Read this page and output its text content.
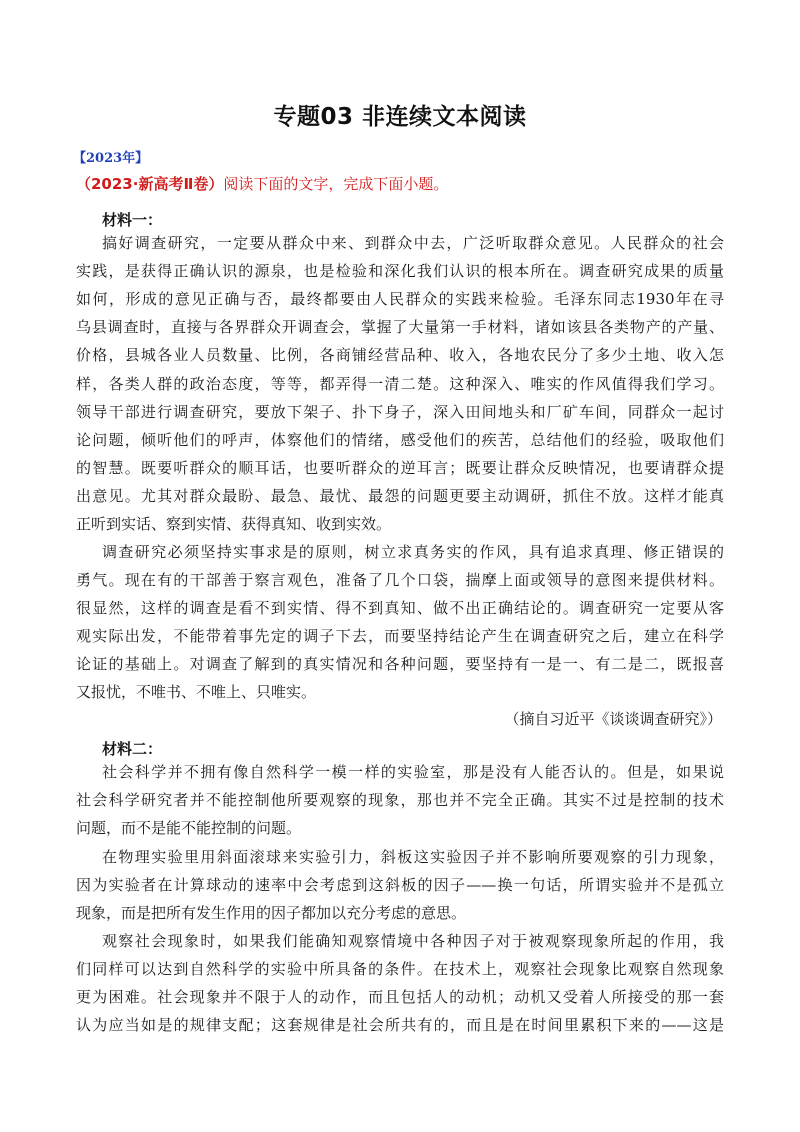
专题03 非连续文本阅读
【2023年】
（2023·新高考Ⅱ卷）阅读下面的文字，完成下面小题。
材料一：
搞好调查研究，一定要从群众中来、到群众中去，广泛听取群众意见。人民群众的社会
实践，是获得正确认识的源泉，也是检验和深化我们认识的根本所在。调查研究成果的质量
如何，形成的意见正确与否，最终都要由人民群众的实践来检验。毛泽东同志1930年在寻
乌县调查时，直接与各界群众开调查会，掌握了大量第一手材料，诸如该县各类物产的产量、
价格，县城各业人员数量、比例，各商铺经营品种、收入，各地农民分了多少土地、收入怎
样，各类人群的政治态度，等等，都弄得一清二楚。这种深入、唯实的作风值得我们学习。
领导干部进行调查研究，要放下架子、扑下身子，深入田间地头和厂矿车间，同群众一起讨
论问题，倾听他们的呼声，体察他们的情绪，感受他们的疾苦，总结他们的经验，吸取他们
的智慧。既要听群众的顺耳话，也要听群众的逆耳言；既要让群众反映情况，也要请群众提
出意见。尤其对群众最盼、最急、最忧、最怨的问题更要主动调研，抓住不放。这样才能真
正听到实话、察到实情、获得真知、收到实效。
调查研究必须坚持实事求是的原则，树立求真务实的作风，具有追求真理、修正错误的
勇气。现在有的干部善于察言观色，准备了几个口袋，揣摩上面或领导的意图来提供材料。
很显然，这样的调查是看不到实情、得不到真知、做不出正确结论的。调查研究一定要从客
观实际出发，不能带着事先定的调子下去，而要坚持结论产生在调查研究之后，建立在科学
论证的基础上。对调查了解到的真实情况和各种问题，要坚持有一是一、有二是二，既报喜
又报忧，不唯书、不唯上、只唯实。
（摘自习近平《谈谈调查研究》）
材料二：
社会科学并不拥有像自然科学一模一样的实验室，那是没有人能否认的。但是，如果说
社会科学研究者并不能控制他所要观察的现象，那也并不完全正确。其实不过是控制的技术
问题，而不是能不能控制的问题。
在物理实验里用斜面滚球来实验引力，斜板这实验因子并不影响所要观察的引力现象，
因为实验者在计算球动的速率中会考虑到这斜板的因子——换一句话，所谓实验并不是孤立
现象，而是把所有发生作用的因子都加以充分考虑的意思。
观察社会现象时，如果我们能确知观察情境中各种因子对于被观察现象所起的作用，我
们同样可以达到自然科学的实验中所具备的条件。在技术上，观察社会现象比观察自然现象
更为困难。社会现象并不限于人的动作，而且包括人的动机；动机又受着人所接受的那一套
认为应当如是的规律支配；这套规律是社会所共有的，而且是在时间里累积下来的——这是
